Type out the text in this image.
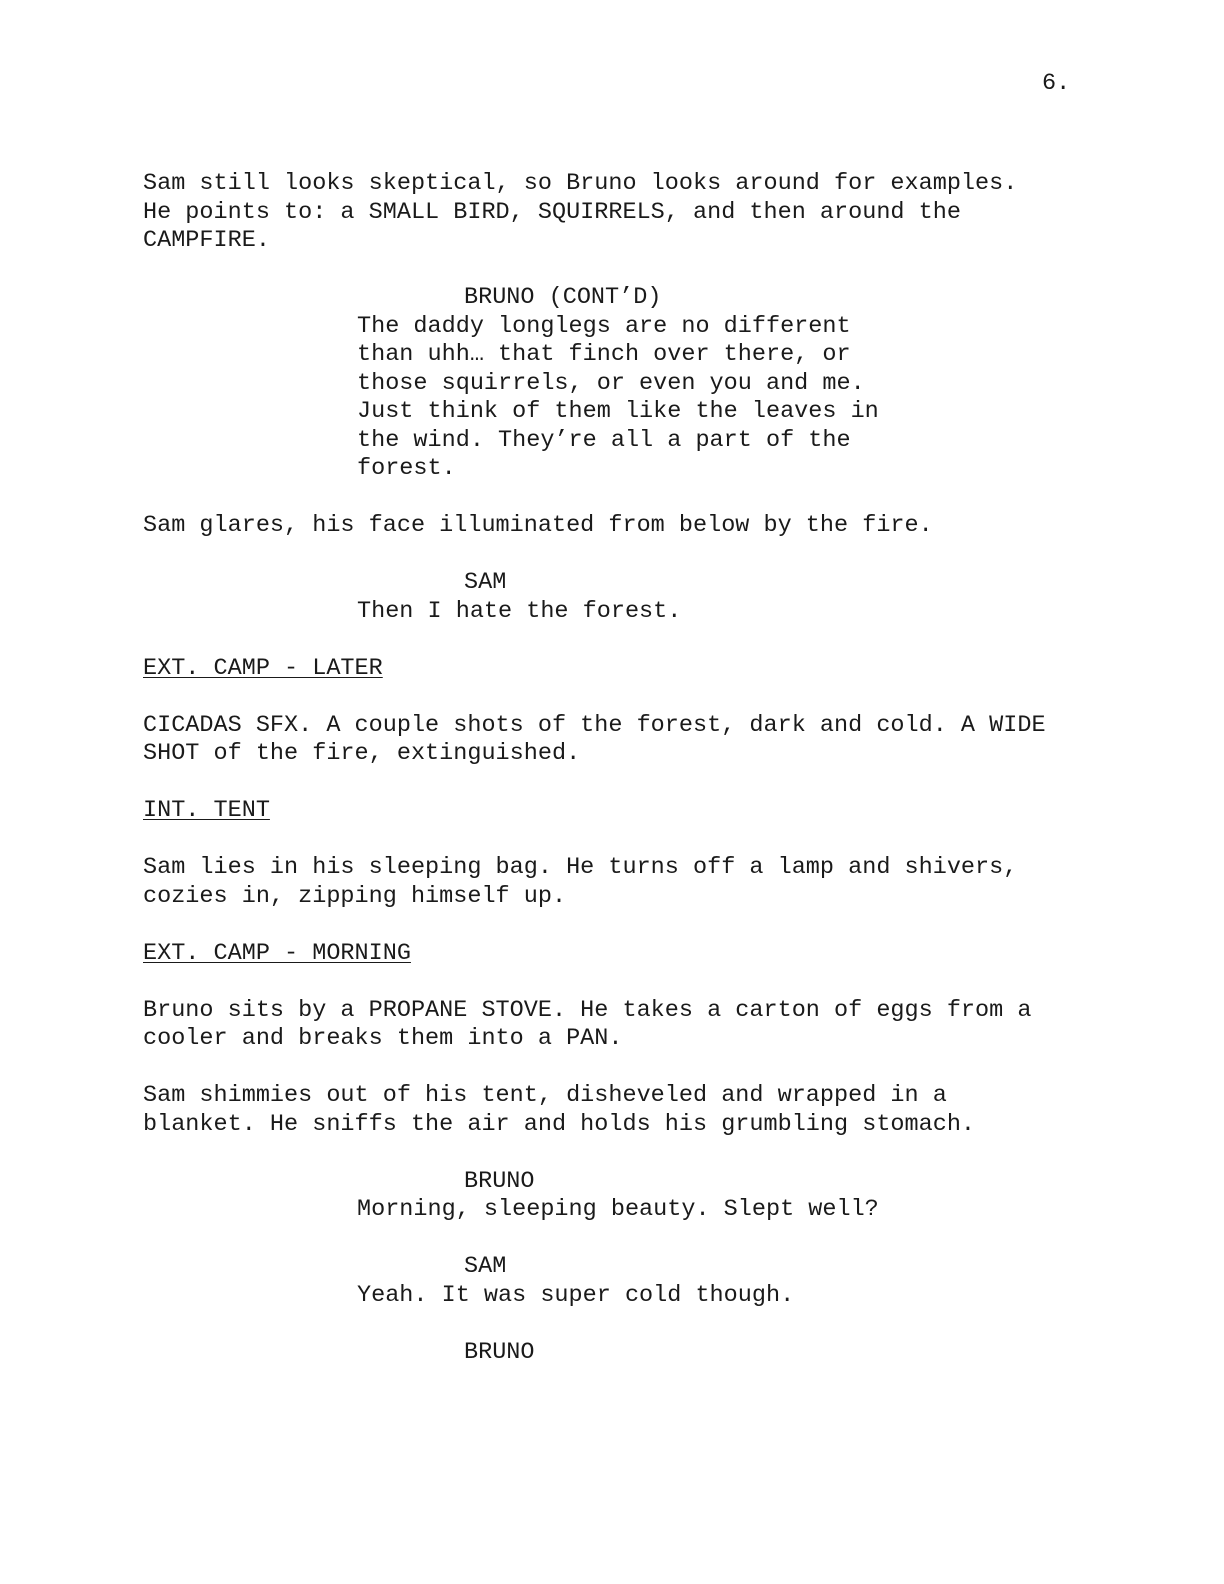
6.
Sam still looks skeptical, so Bruno looks around for examples.
He points to: a SMALL BIRD, SQUIRRELS, and then around the
CAMPFIRE.
BRUNO (CONT’D)
The daddy longlegs are no different
than uhh… that finch over there, or
those squirrels, or even you and me.
Just think of them like the leaves in
the wind. They’re all a part of the
forest.
Sam glares, his face illuminated from below by the fire.
SAM
Then I hate the forest.
EXT. CAMP - LATER
CICADAS SFX. A couple shots of the forest, dark and cold. A WIDE
SHOT of the fire, extinguished.
INT. TENT
Sam lies in his sleeping bag. He turns off a lamp and shivers,
cozies in, zipping himself up.
EXT. CAMP - MORNING
Bruno sits by a PROPANE STOVE. He takes a carton of eggs from a
cooler and breaks them into a PAN.
Sam shimmies out of his tent, disheveled and wrapped in a
blanket. He sniffs the air and holds his grumbling stomach.
BRUNO
Morning, sleeping beauty. Slept well?
SAM
Yeah. It was super cold though.
BRUNO
